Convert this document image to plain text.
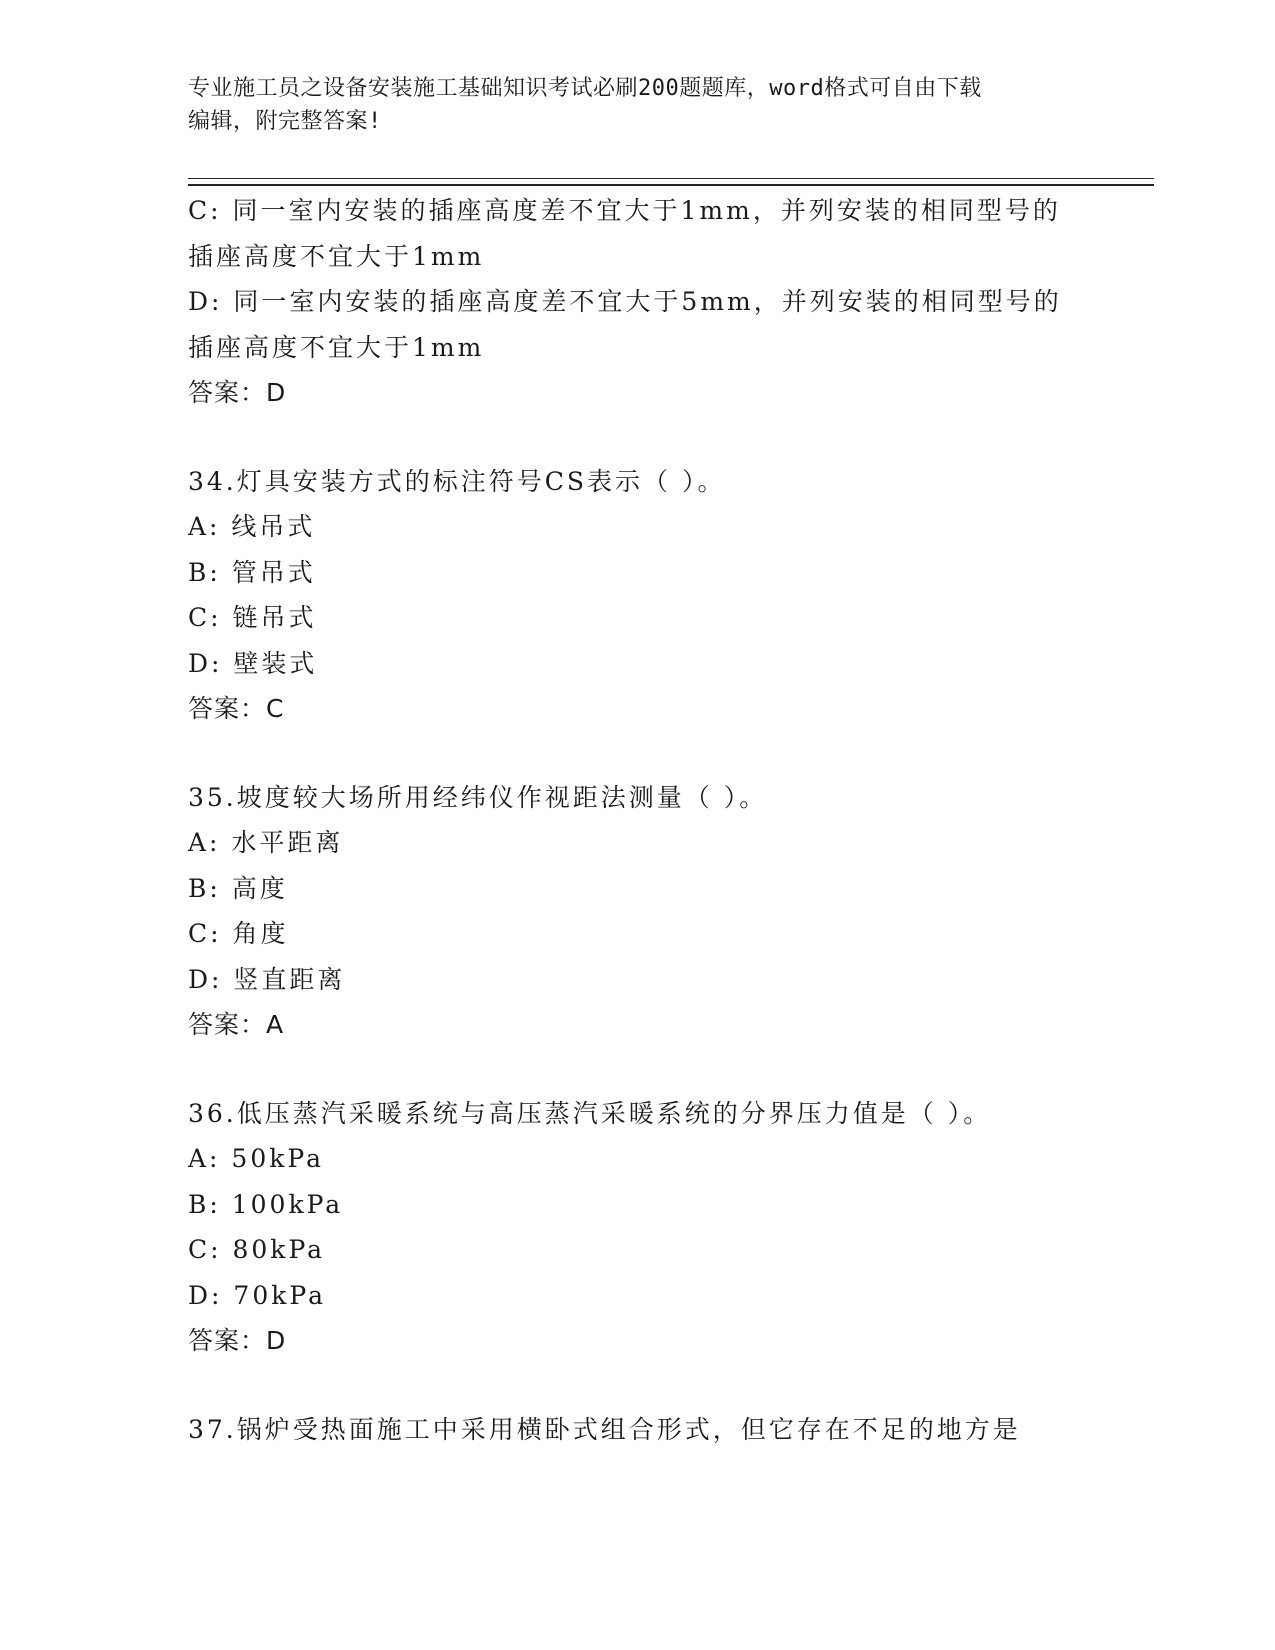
专业施工员之设备安装施工基础知识考试必刷200题题库，word格式可自由下载
编辑，附完整答案!
C: 同一室内安装的插座高度差不宜大于1mm，并列安装的相同型号的
插座高度不宜大于1mm
D: 同一室内安装的插座高度差不宜大于5mm，并列安装的相同型号的
插座高度不宜大于1mm
答案：D
34.灯具安装方式的标注符号CS表示（ ）。
A: 线吊式
B: 管吊式
C: 链吊式
D: 壁装式
答案：C
35.坡度较大场所用经纬仪作视距法测量（ ）。
A: 水平距离
B: 高度
C: 角度
D: 竖直距离
答案：A
36.低压蒸汽采暖系统与高压蒸汽采暖系统的分界压力值是（ ）。
A: 50kPa
B: 100kPa
C: 80kPa
D: 70kPa
答案：D
37.锅炉受热面施工中采用横卧式组合形式，但它存在不足的地方是
